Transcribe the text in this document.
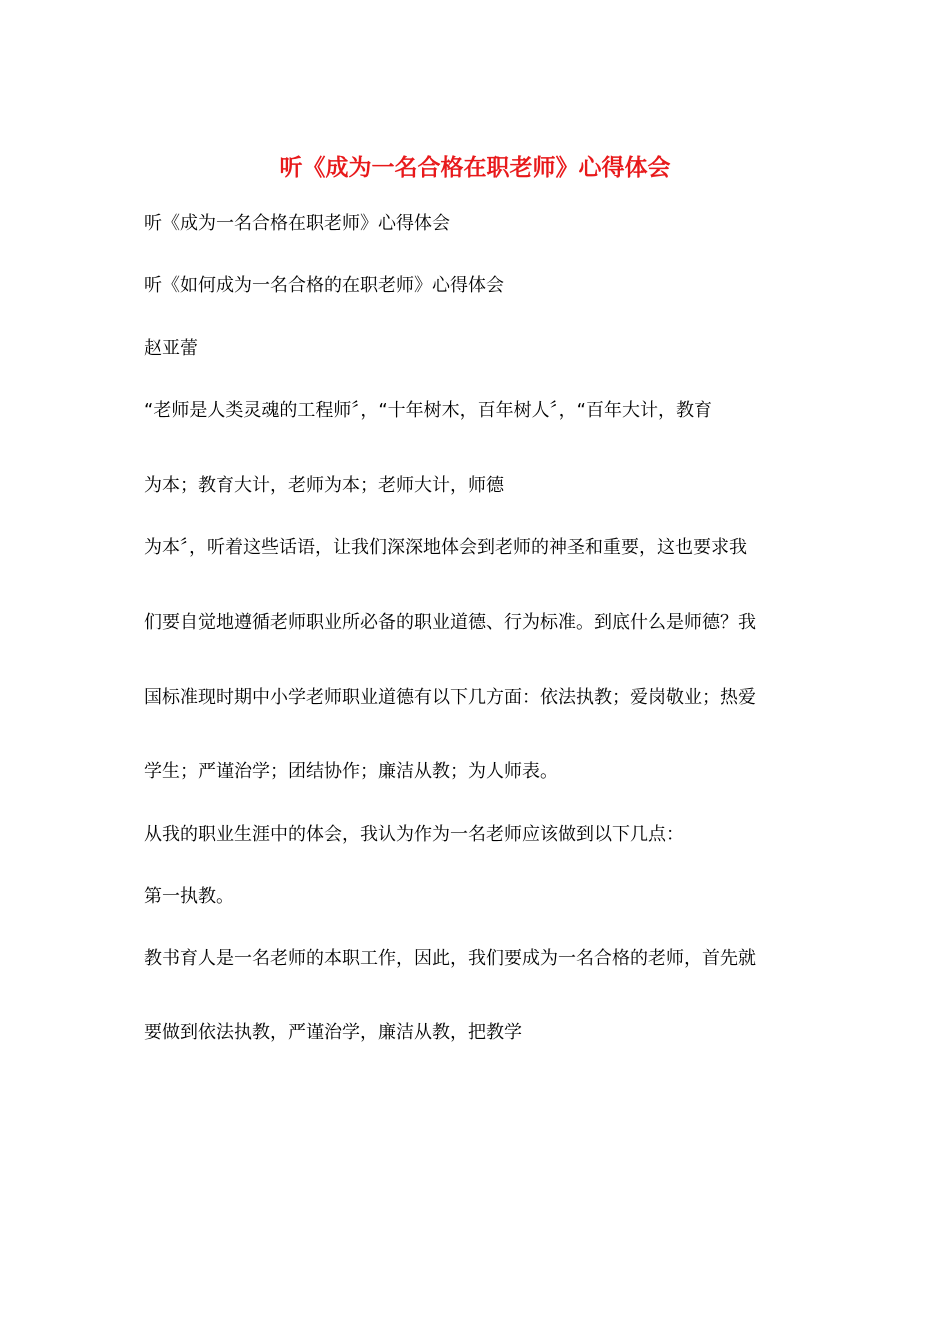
听《成为一名合格在职老师》心得体会
听《成为一名合格在职老师》心得体会
听《如何成为一名合格的在职老师》心得体会
赵亚蕾
“老师是人类灵魂的工程师〞，“十年树木，百年树人〞，“百年大计，教育
为本；教育大计，老师为本；老师大计，师德
为本〞，听着这些话语，让我们深深地体会到老师的神圣和重要，这也要求我
们要自觉地遵循老师职业所必备的职业道德、行为标准。到底什么是师德？我
国标准现时期中小学老师职业道德有以下几方面：依法执教；爱岗敬业；热爱
学生；严谨治学；团结协作；廉洁从教；为人师表。
从我的职业生涯中的体会，我认为作为一名老师应该做到以下几点：
第一执教。
教书育人是一名老师的本职工作，因此，我们要成为一名合格的老师，首先就
要做到依法执教，严谨治学，廉洁从教，把教学
